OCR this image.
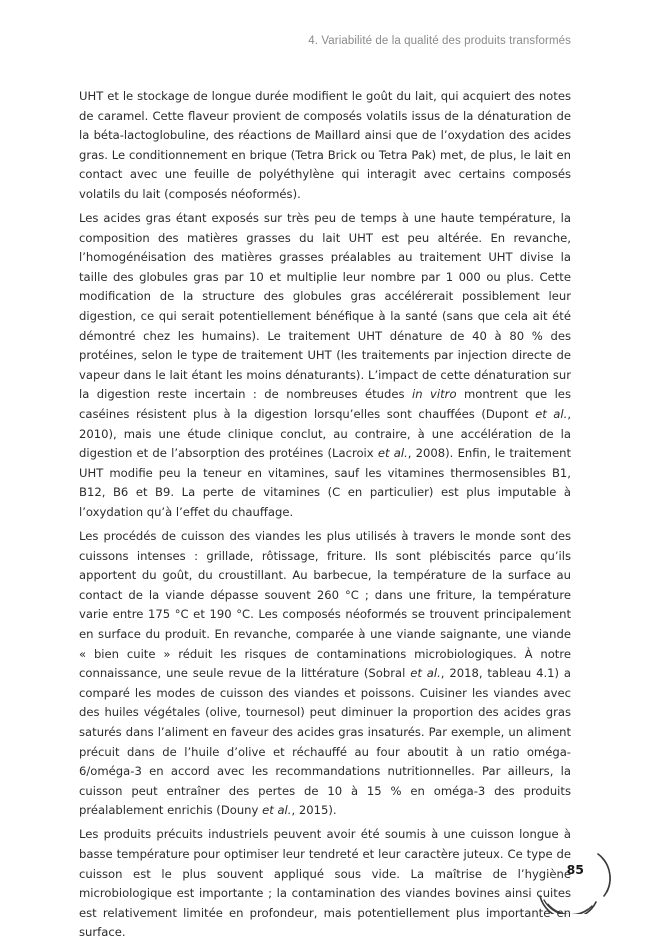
4. Variabilité de la qualité des produits transformés

UHT et le stockage de longue durée modifient le goût du lait, qui acquiert des notes de caramel. Cette flaveur provient de composés volatils issus de la dénaturation de la béta-lactoglobuline, des réactions de Maillard ainsi que de l’oxydation des acides gras. Le conditionnement en brique (Tetra Brick ou Tetra Pak) met, de plus, le lait en contact avec une feuille de polyéthylène qui interagit avec certains composés volatils du lait (composés néoformés).

Les acides gras étant exposés sur très peu de temps à une haute température, la composition des matières grasses du lait UHT est peu altérée. En revanche, l’homogénéisation des matières grasses préalables au traitement UHT divise la taille des globules gras par 10 et multiplie leur nombre par 1 000 ou plus. Cette modification de la structure des globules gras accélérerait possiblement leur digestion, ce qui serait potentiellement bénéfique à la santé (sans que cela ait été démontré chez les humains). Le traitement UHT dénature de 40 à 80 % des protéines, selon le type de traitement UHT (les traitements par injection directe de vapeur dans le lait étant les moins dénaturants). L’impact de cette dénaturation sur la digestion reste incertain : de nombreuses études in vitro montrent que les caséines résistent plus à la digestion lorsqu’elles sont chauffées (Dupont et al., 2010), mais une étude clinique conclut, au contraire, à une accélération de la digestion et de l’absorption des protéines (Lacroix et al., 2008). Enfin, le traitement UHT modifie peu la teneur en vitamines, sauf les vitamines thermosensibles B1, B12, B6 et B9. La perte de vitamines (C en particulier) est plus imputable à l’oxydation qu’à l’effet du chauffage.

Les procédés de cuisson des viandes les plus utilisés à travers le monde sont des cuissons intenses : grillade, rôtissage, friture. Ils sont plébiscités parce qu’ils apportent du goût, du croustillant. Au barbecue, la température de la surface au contact de la viande dépasse souvent 260 °C ; dans une friture, la température varie entre 175 °C et 190 °C. Les composés néoformés se trouvent principalement en surface du produit. En revanche, comparée à une viande saignante, une viande « bien cuite » réduit les risques de contaminations microbiologiques. À notre connaissance, une seule revue de la littérature (Sobral et al., 2018, tableau 4.1) a comparé les modes de cuisson des viandes et poissons. Cuisiner les viandes avec des huiles végétales (olive, tournesol) peut diminuer la proportion des acides gras saturés dans l’aliment en faveur des acides gras insaturés. Par exemple, un aliment précuit dans de l’huile d’olive et réchauffé au four aboutit à un ratio oméga-6/oméga-3 en accord avec les recommandations nutritionnelles. Par ailleurs, la cuisson peut entraîner des pertes de 10 à 15 % en oméga-3 des produits préalablement enrichis (Douny et al., 2015).

Les produits précuits industriels peuvent avoir été soumis à une cuisson longue à basse température pour optimiser leur tendreté et leur caractère juteux. Ce type de cuisson est le plus souvent appliqué sous vide. La maîtrise de l’hygiène microbiologique est importante ; la contamination des viandes bovines ainsi cuites est relativement limitée en profondeur, mais potentiellement plus importante en surface.

85
